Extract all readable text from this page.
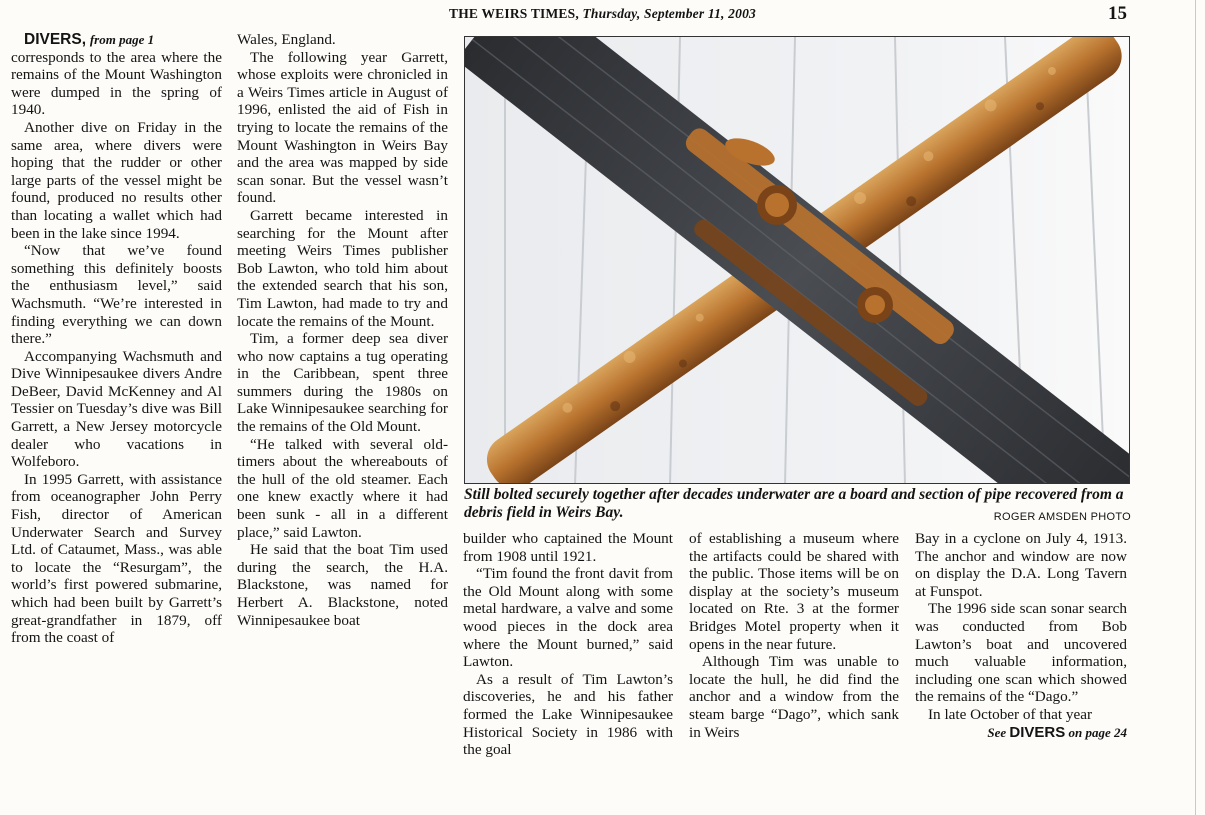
THE WEIRS TIMES, Thursday, September 11, 2003	15

DIVERS, from page 1

corresponds to the area where the remains of the Mount Washington were dumped in the spring of 1940.

Another dive on Friday in the same area, where divers were hoping that the rudder or other large parts of the vessel might be found, produced no results other than locating a wallet which had been in the lake since 1994.

“Now that we’ve found something this definitely boosts the enthusiasm level,” said Wachsmuth. “We’re interested in finding everything we can down there.”

Accompanying Wachsmuth and Dive Winnipesaukee divers Andre DeBeer, David McKenney and Al Tessier on Tuesday’s dive was Bill Garrett, a New Jersey motorcycle dealer who vacations in Wolfeboro.

In 1995 Garrett, with assistance from oceanographer John Perry Fish, director of American Underwater Search and Survey Ltd. of Cataumet, Mass., was able to locate the “Resurgam”, the world’s first powered submarine, which had been built by Garrett’s great-grandfather in 1879, off from the coast of

Wales, England.

The following year Garrett, whose exploits were chronicled in a Weirs Times article in August of 1996, enlisted the aid of Fish in trying to locate the remains of the Mount Washington in Weirs Bay and the area was mapped by side scan sonar. But the vessel wasn’t found.

Garrett became interested in searching for the Mount after meeting Weirs Times publisher Bob Lawton, who told him about the extended search that his son, Tim Lawton, had made to try and locate the remains of the Mount.

Tim, a former deep sea diver who now captains a tug operating in the Caribbean, spent three summers during the 1980s on Lake Winnipesaukee searching for the remains of the Old Mount.

“He talked with several old-timers about the whereabouts of the hull of the old steamer. Each one knew exactly where it had been sunk - all in a different place,” said Lawton.

He said that the boat Tim used during the search, the H.A. Blackstone, was named for Herbert A. Blackstone, noted Winnipesaukee boat

Still bolted securely together after decades underwater are a board and section of pipe recovered from a debris field in Weirs Bay.	ROGER AMSDEN PHOTO

builder who captained the Mount from 1908 until 1921.

“Tim found the front davit from the Old Mount along with some metal hardware, a valve and some wood pieces in the dock area where the Mount burned,” said Lawton.

As a result of Tim Lawton’s discoveries, he and his father formed the Lake Winnipesaukee Historical Society in 1986 with the goal

of establishing a museum where the artifacts could be shared with the public. Those items will be on display at the society’s museum located on Rte. 3 at the former Bridges Motel property when it opens in the near future.

Although Tim was unable to locate the hull, he did find the anchor and a window from the steam barge “Dago”, which sank in Weirs

Bay in a cyclone on July 4, 1913. The anchor and window are now on display the D.A. Long Tavern at Funspot.

The 1996 side scan sonar search was conducted from Bob Lawton’s boat and uncovered much valuable information, including one scan which showed the remains of the “Dago.”

In late October of that year

See DIVERS on page 24
